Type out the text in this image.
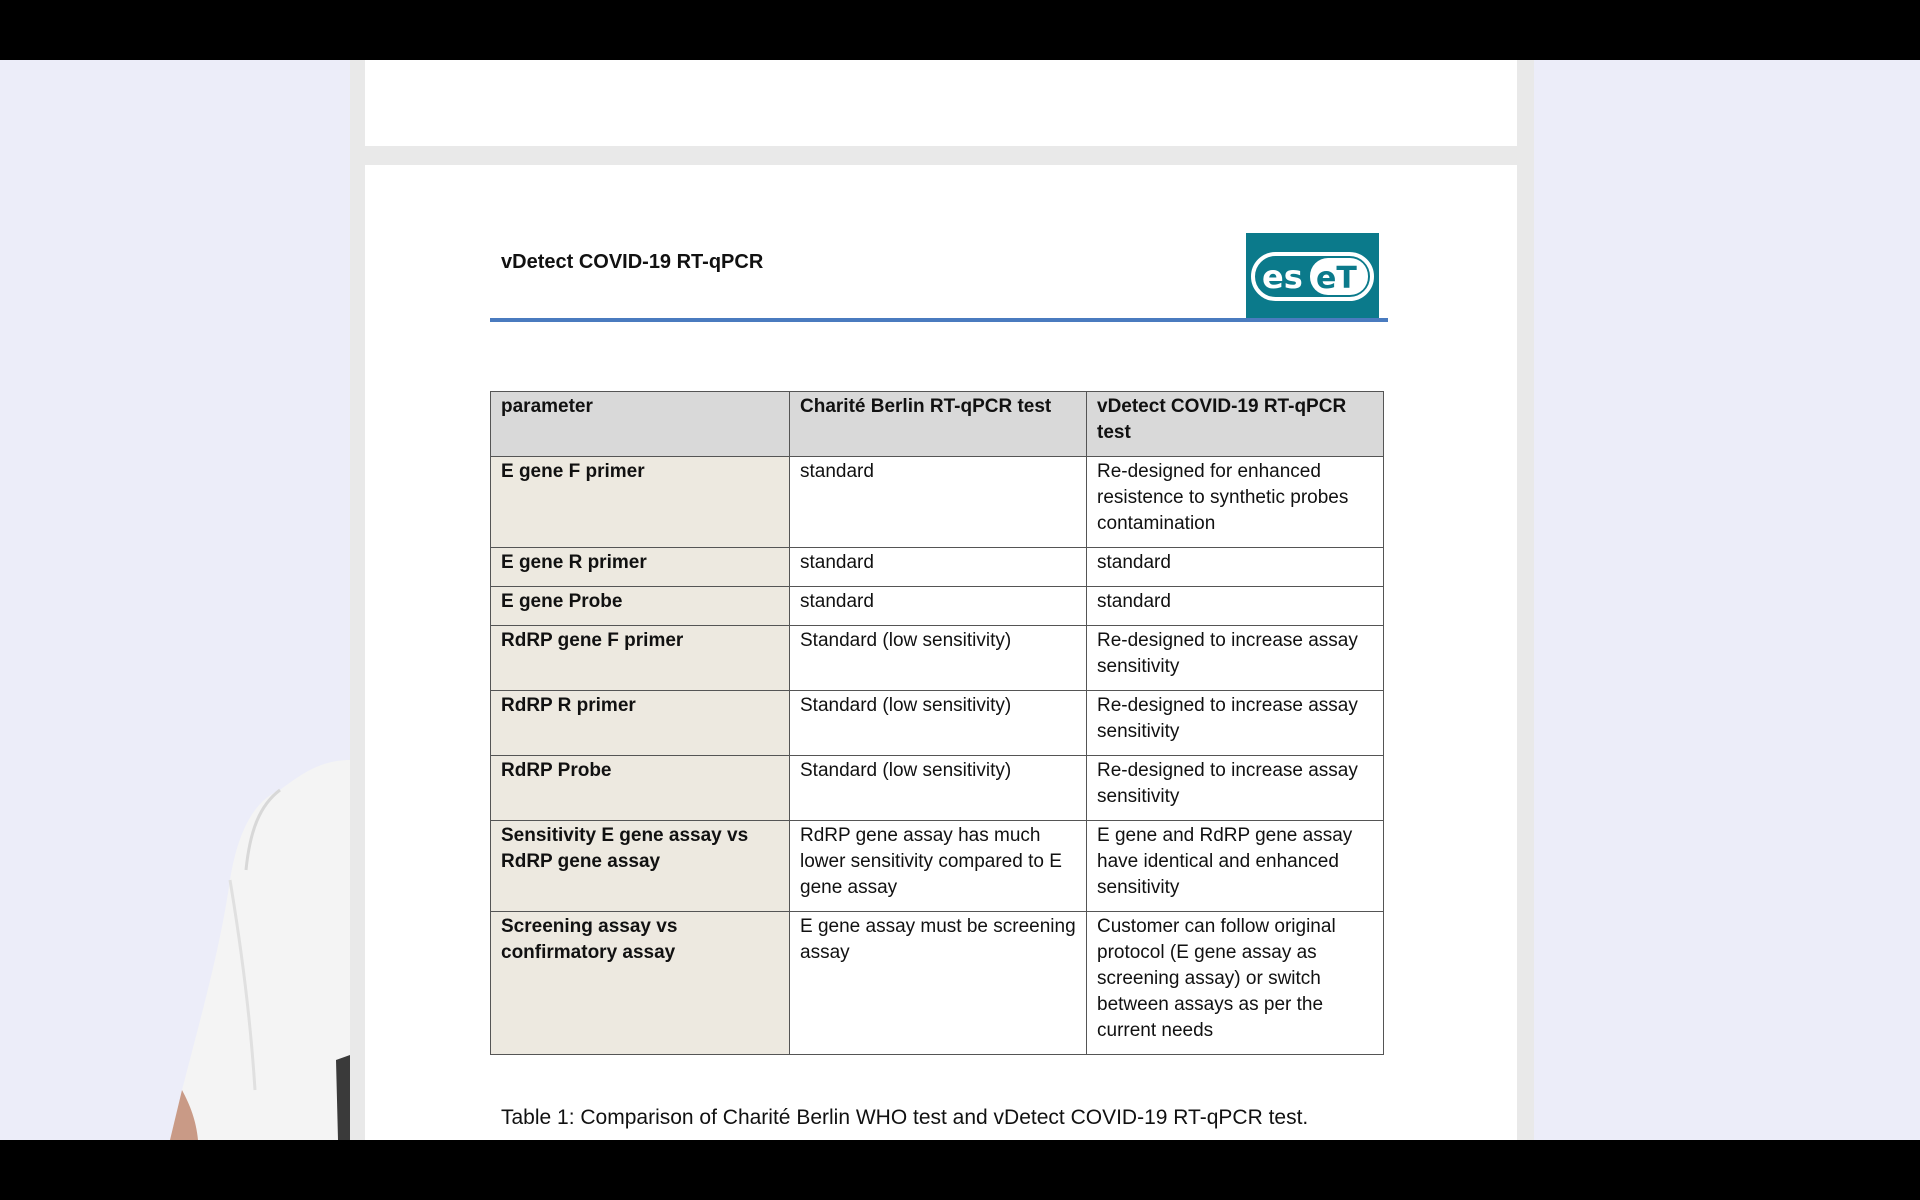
vDetect COVID-19 RT-qPCR	es eT
parameter	Charité Berlin RT-qPCR test	vDetect COVID-19 RT-qPCR test
E gene F primer	standard	Re-designed for enhanced resistence to synthetic probes contamination
E gene R primer	standard	standard
E gene Probe	standard	standard
RdRP gene F primer	Standard (low sensitivity)	Re-designed to increase assay sensitivity
RdRP R primer	Standard (low sensitivity)	Re-designed to increase assay sensitivity
RdRP Probe	Standard (low sensitivity)	Re-designed to increase assay sensitivity
Sensitivity E gene assay vs RdRP gene assay	RdRP gene assay has much lower sensitivity compared to E gene assay	E gene and RdRP gene assay have identical and enhanced sensitivity
Screening assay vs confirmatory assay	E gene assay must be screening assay	Customer can follow original protocol (E gene assay as screening assay) or switch between assays as per the current needs
Table 1: Comparison of Charité Berlin WHO test and vDetect COVID-19 RT-qPCR test.
